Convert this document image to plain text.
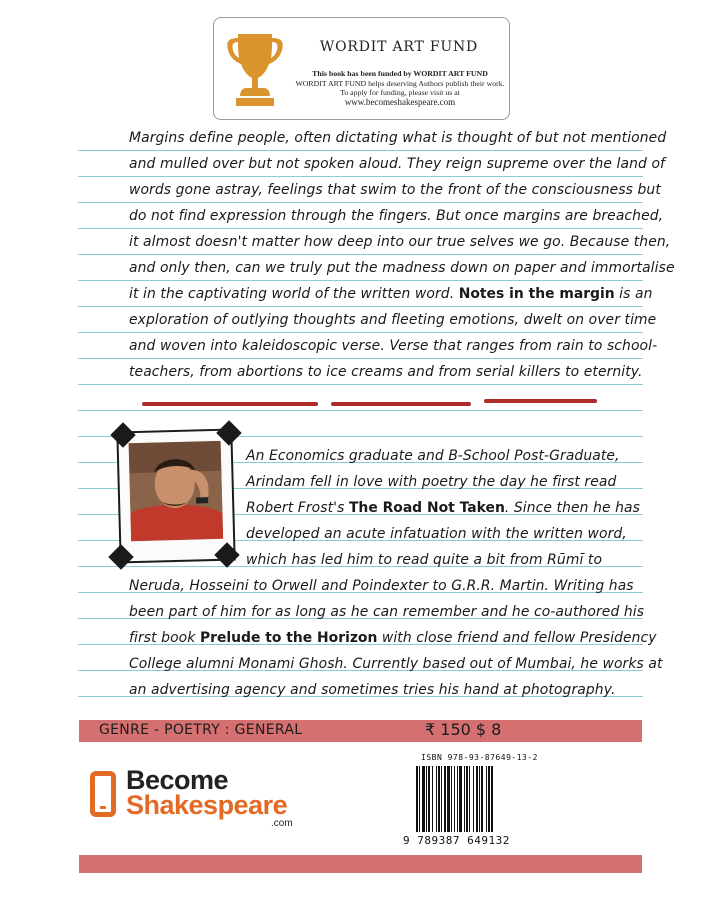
WORDIT ART FUND
This book has been funded by WORDIT ART FUND
WORDIT ART FUND helps deserving Authors publish their work.
To apply for funding, please visit us at
www.becomeshakespeare.com
Margins define people, often dictating what is thought of but not mentioned
and mulled over but not spoken aloud. They reign supreme over the land of
words gone astray, feelings that swim to the front of the consciousness but
do not find expression through the fingers. But once margins are breached,
it almost doesn't matter how deep into our true selves we go. Because then,
and only then, can we truly put the madness down on paper and immortalise
it in the captivating world of the written word. Notes in the margin is an
exploration of outlying thoughts and fleeting emotions, dwelt on over time
and woven into kaleidoscopic verse. Verse that ranges from rain to school-
teachers, from abortions to ice creams and from serial killers to eternity.
An Economics graduate and B-School Post-Graduate,
Arindam fell in love with poetry the day he first read
Robert Frost's The Road Not Taken. Since then he has
developed an acute infatuation with the written word,
which has led him to read quite a bit from Rūmī to
Neruda, Hosseini to Orwell and Poindexter to G.R.R. Martin. Writing has
been part of him for as long as he can remember and he co-authored his
first book Prelude to the Horizon with close friend and fellow Presidency
College alumni Monami Ghosh. Currently based out of Mumbai, he works at
an advertising agency and sometimes tries his hand at photography.
GENRE - POETRY : GENERAL	₹ 150 $ 8
Become
Shakespeare
.com
ISBN 978-93-87649-13-2
9 789387 649132
